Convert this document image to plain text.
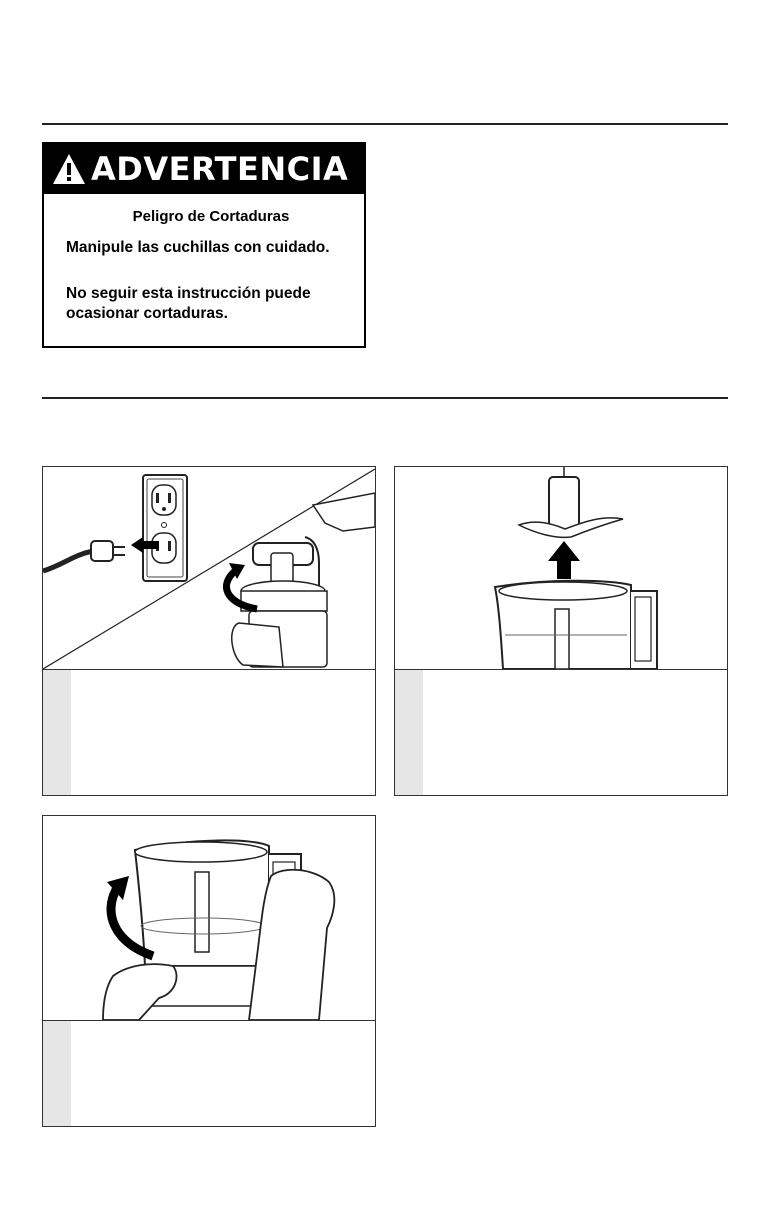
ADVERTENCIA
Peligro de Cortaduras
Manipule las cuchillas con cuidado.
No seguir esta instrucción puede ocasionar cortaduras.
